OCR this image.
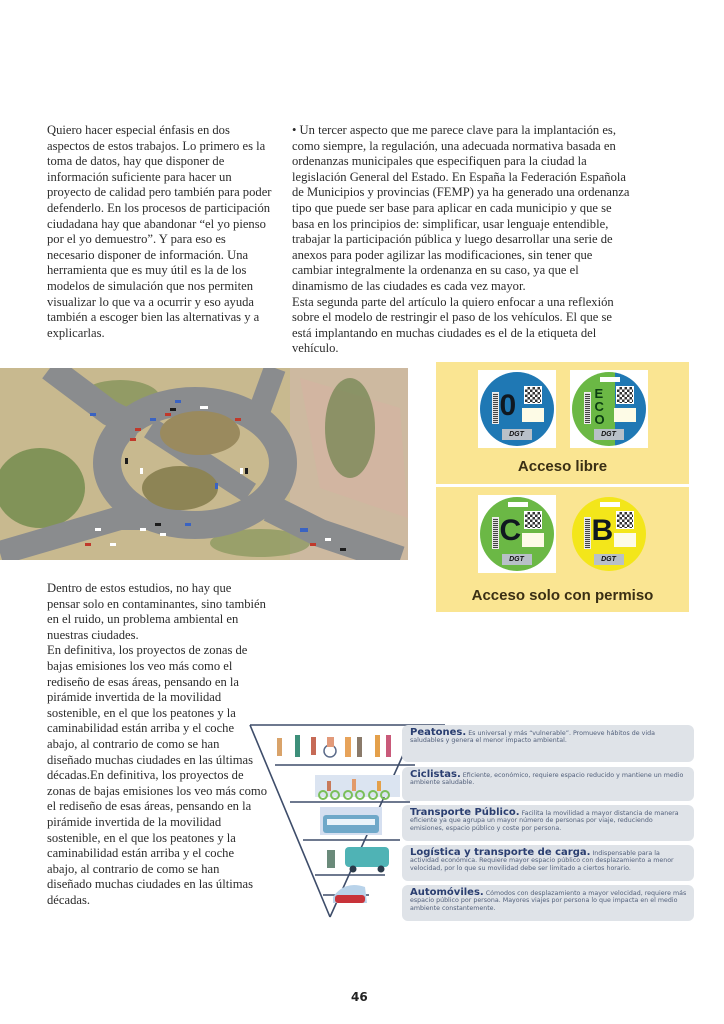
Quiero hacer especial énfasis en dos aspectos de estos trabajos. Lo primero es la toma de datos, hay que disponer de información suficiente para hacer un proyecto de calidad pero también para poder defenderlo. En los procesos de participación ciudadana hay que abandonar “el yo pienso por el yo demuestro”. Y para eso es necesario disponer de información. Una herramienta que es muy útil es la de los modelos de simulación que nos permiten visualizar lo que va a ocurrir y eso ayuda también a escoger bien las alternativas y a explicarlas.

• Un tercer aspecto que me parece clave para la implantación es, como siempre, la regulación, una adecuada normativa basada en ordenanzas municipales que especifiquen para la ciudad la legislación General del Estado. En España la Federación Española de Municipios y provincias (FEMP) ya ha generado una ordenanza tipo que puede ser base para aplicar en cada municipio y que se basa en los principios de: simplificar, usar lenguaje entendible, trabajar la participación pública y luego desarrollar una serie de anexos para poder agilizar las modificaciones, sin tener que cambiar integralmente la ordenanza en su caso, ya que el dinamismo de las ciudades es cada vez mayor.

Esta segunda parte del artículo la quiero enfocar a una reflexión sobre el modelo de restringir el paso de los vehículos. El que se está implantando en muchas ciudades es el de la etiqueta del vehículo.

0
DGT
ECO
DGT
Acceso libre
C
DGT
B
DGT
Acceso solo con permiso

Dentro de estos estudios, no hay que pensar solo en contaminantes, sino también en el ruido, un problema ambiental en nuestras ciudades.

En definitiva, los proyectos de zonas de bajas emisiones los veo más como el rediseño de esas áreas, pensando en la pirámide invertida de la movilidad sostenible, en el que los peatones y la caminabilidad están arriba y el coche abajo, al contrario de como se han diseñado muchas ciudades en las últimas décadas.En definitiva, los proyectos de zonas de bajas emisiones los veo más como el rediseño de esas áreas, pensando en la pirámide invertida de la movilidad sostenible, en el que los peatones y la caminabilidad están arriba y el coche abajo, al contrario de como se han diseñado muchas ciudades en las últimas décadas.

Peatones. Es universal y más “vulnerable”. Promueve hábitos de vida saludables y genera el menor impacto ambiental.
Ciclistas. Eficiente, económico, requiere espacio reducido y mantiene un medio ambiente saludable.
Transporte Público. Facilita la movilidad a mayor distancia de manera eficiente ya que agrupa un mayor número de personas por viaje, reduciendo emisiones, espacio público y coste por persona.
Logística y transporte de carga. Indispensable para la actividad económica. Requiere mayor espacio público con desplazamiento a menor velocidad, por lo que su movilidad debe ser limitado a ciertos horario.
Automóviles. Cómodos con desplazamiento a mayor velocidad, requiere más espacio público por persona. Mayores viajes por persona lo que impacta en el medio ambiente constantemente.
46
